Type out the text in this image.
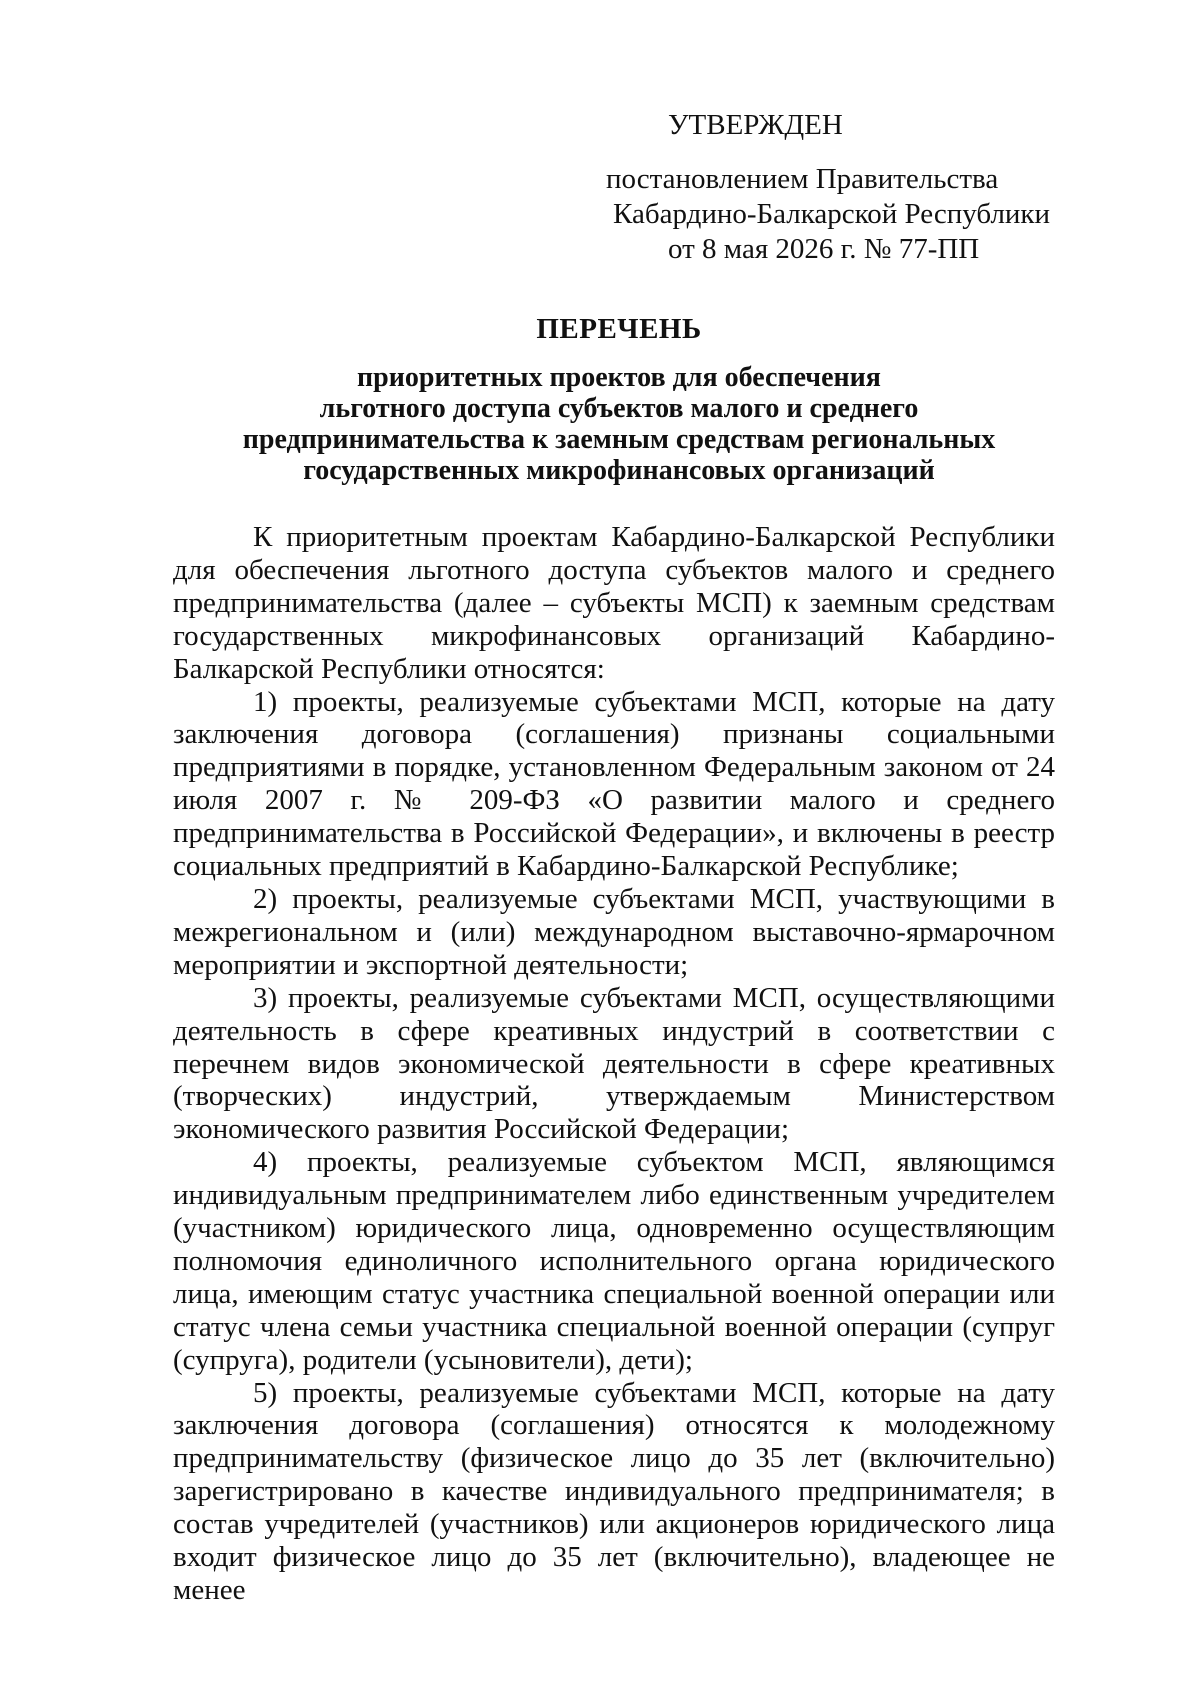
УТВЕРЖДЕН
постановлением Правительства
Кабардино-Балкарской Республики
от 8 мая 2026 г. № 77-ПП
ПЕРЕЧЕНЬ
приоритетных проектов для обеспечения
льготного доступа субъектов малого и среднего
предпринимательства к заемным средствам региональных
государственных микрофинансовых организаций

К приоритетным проектам Кабардино-Балкарской Республики для обеспечения льготного доступа субъектов малого и среднего предпринимательства (далее – субъекты МСП) к заемным средствам государственных микрофинансовых организаций Кабардино-Балкарской Республики относятся:

1) проекты, реализуемые субъектами МСП, которые на дату заключения договора (соглашения) признаны социальными предприятиями в порядке, установленном Федеральным законом от 24 июля 2007 г. № 209-ФЗ «О развитии малого и среднего предпринимательства в Российской Федерации», и включены в реестр социальных предприятий в Кабардино-Балкарской Республике;

2) проекты, реализуемые субъектами МСП, участвующими в межрегиональном и (или) международном выставочно-ярмарочном мероприятии и экспортной деятельности;

3) проекты, реализуемые субъектами МСП, осуществляющими деятельность в сфере креативных индустрий в соответствии с перечнем видов экономической деятельности в сфере креативных (творческих) индустрий, утверждаемым Министерством экономического развития Российской Федерации;

4) проекты, реализуемые субъектом МСП, являющимся индивидуальным предпринимателем либо единственным учредителем (участником) юридического лица, одновременно осуществляющим полномочия единоличного исполнительного органа юридического лица, имеющим статус участника специальной военной операции или статус члена семьи участника специальной военной операции (супруг (супруга), родители (усыновители), дети);

5) проекты, реализуемые субъектами МСП, которые на дату заключения договора (соглашения) относятся к молодежному предпринимательству (физическое лицо до 35 лет (включительно) зарегистрировано в качестве индивидуального предпринимателя; в состав учредителей (участников) или акционеров юридического лица входит физическое лицо до 35 лет (включительно), владеющее не менее
